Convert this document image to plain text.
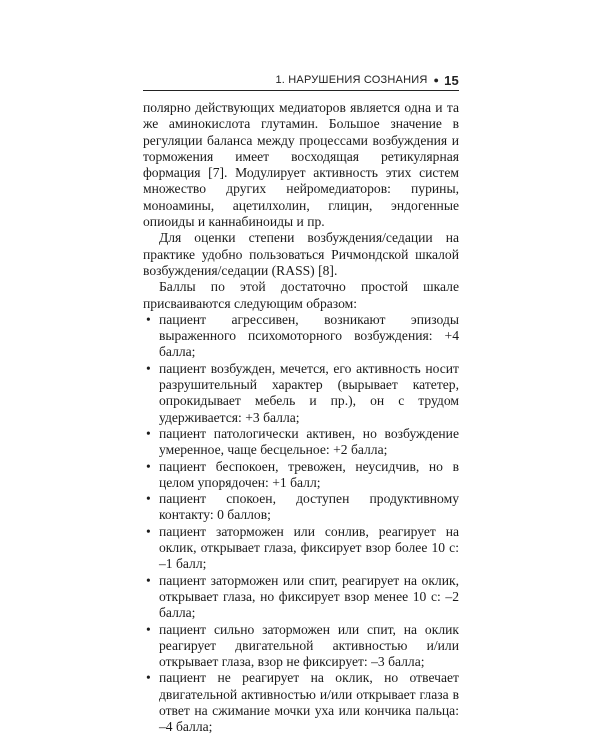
1. НАРУШЕНИЯ СОЗНАНИЯ ● 15

полярно действующих медиаторов является одна и та же аминокислота глутамин. Большое значение в регуляции баланса между процессами возбуждения и торможения имеет восходящая ретикулярная формация [7]. Модулирует активность этих систем множество других нейромедиаторов: пурины, моноамины, ацетилхолин, глицин, эндогенные опиоиды и каннабиноиды и пр.

Для оценки степени возбуждения/седации на практике удобно пользоваться Ричмондской шкалой возбуждения/седации (RASS) [8].

Баллы по этой достаточно простой шкале присваиваются следующим образом:

• пациент агрессивен, возникают эпизоды выраженного психомоторного возбуждения: +4 балла;
• пациент возбужден, мечется, его активность носит разрушительный характер (вырывает катетер, опрокидывает мебель и пр.), он с трудом удерживается: +3 балла;
• пациент патологически активен, но возбуждение умеренное, чаще бесцельное: +2 балла;
• пациент беспокоен, тревожен, неусидчив, но в целом упорядочен: +1 балл;
• пациент спокоен, доступен продуктивному контакту: 0 баллов;
• пациент заторможен или сонлив, реагирует на оклик, открывает глаза, фиксирует взор более 10 с: –1 балл;
• пациент заторможен или спит, реагирует на оклик, открывает глаза, но фиксирует взор менее 10 с: –2 балла;
• пациент сильно заторможен или спит, на оклик реагирует двигательной активностью и/или открывает глаза, взор не фиксирует: –3 балла;
• пациент не реагирует на оклик, но отвечает двигательной активностью и/или открывает глаза в ответ на сжимание мочки уха или кончика пальца: –4 балла;
